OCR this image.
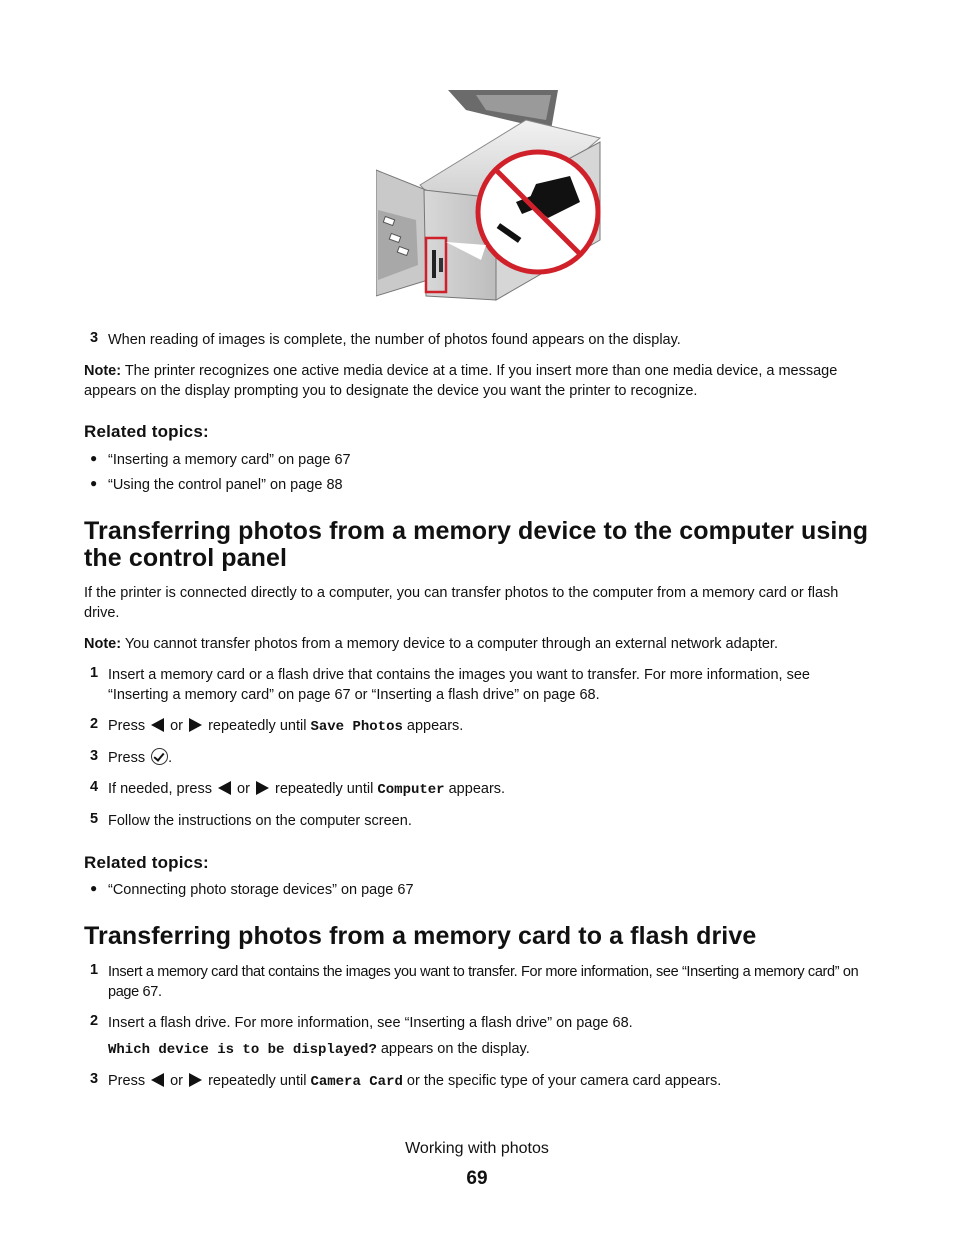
3 When reading of images is complete, the number of photos found appears on the display.
Note: The printer recognizes one active media device at a time. If you insert more than one media device, a message appears on the display prompting you to designate the device you want the printer to recognize.
Related topics:
● “Inserting a memory card” on page 67
● “Using the control panel” on page 88
Transferring photos from a memory device to the computer using
the control panel
If the printer is connected directly to a computer, you can transfer photos to the computer from a memory card or flash drive.
Note: You cannot transfer photos from a memory device to a computer through an external network adapter.
1 Insert a memory card or a flash drive that contains the images you want to transfer. For more information, see “Inserting a memory card” on page 67 or “Inserting a flash drive” on page 68.
2 Press  or  repeatedly until Save Photos appears.
3 Press .
4 If needed, press  or  repeatedly until Computer appears.
5 Follow the instructions on the computer screen.
Related topics:
● “Connecting photo storage devices” on page 67
Transferring photos from a memory card to a flash drive
1 Insert a memory card that contains the images you want to transfer. For more information, see “Inserting a memory card” on page 67.
2 Insert a flash drive. For more information, see “Inserting a flash drive” on page 68.
Which device is to be displayed? appears on the display.
3 Press  or  repeatedly until Camera Card or the specific type of your camera card appears.
Working with photos
69
